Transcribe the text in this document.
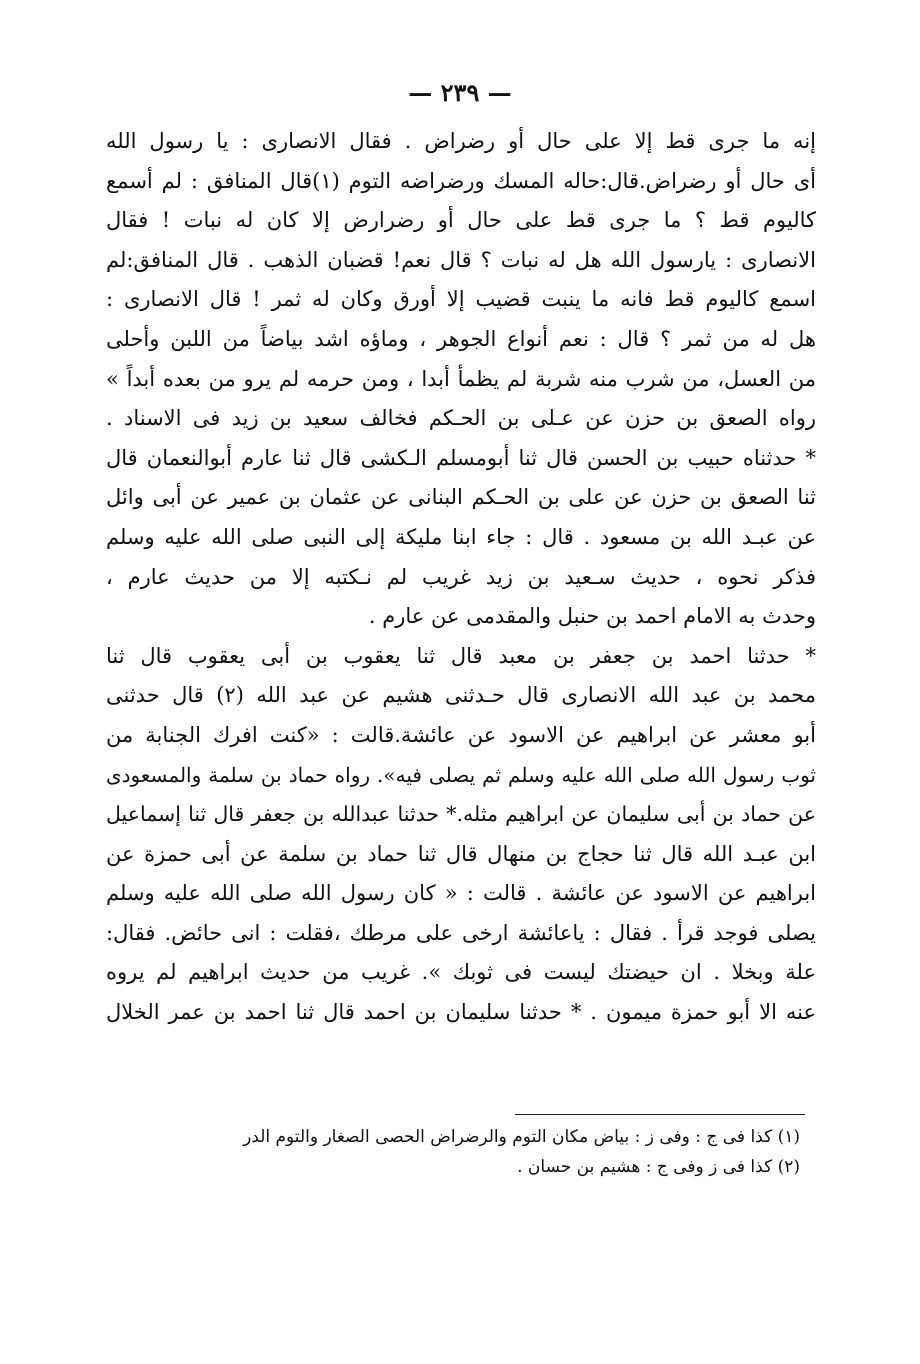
— ٢٣٩ —
إنه ما جرى قط إلا على حال أو رضراض . فقال الانصارى : يا رسول الله
أى حال أو رضراض.قال:حاله المسك ورضراضه التوم (١)قال المنافق : لم أسمع
كاليوم قط ؟ ما جرى قط على حال أو رضرارض إلا كان له نبات ! فقال
الانصارى : يارسول الله هل له نبات ؟ قال نعم! قضبان الذهب . قال المنافق:لم
اسمع كاليوم قط فانه ما ينبت قضيب إلا أورق وكان له ثمر ! قال الانصارى :
هل له من ثمر ؟ قال : نعم أنواع الجوهر ، وماؤه اشد بياضاً من اللبن وأحلى
من العسل، من شرب منه شربة لم يظمأ أبدا ، ومن حرمه لم يرو من بعده أبداً »
رواه الصعق بن حزن عن عـلى بن الحـكم فخالف سعيد بن زيد فى الاسناد .
* حدثناه حبيب بن الحسن قال ثنا أبومسلم الـكشى قال ثنا عارم أبوالنعمان قال
ثنا الصعق بن حزن عن على بن الحـكم البنانى عن عثمان بن عمير عن أبى وائل
عن عبـد الله بن مسعود . قال : جاء ابنا مليكة إلى النبى صلى الله عليه وسلم
فذكر نحوه ، حديث سـعيد بن زيد غريب لم نـكتبه إلا من حديث عارم ،
وحدث به الامام احمد بن حنبل والمقدمى عن عارم .
* حدثنا احمد بن جعفر بن معبد قال ثنا يعقوب بن أبى يعقوب قال ثنا
محمد بن عبد الله الانصارى قال حـدثنى هشيم عن عبد الله (٢) قال حدثنى
أبو معشر عن ابراهيم عن الاسود عن عائشة.قالت : «كنت افرك الجنابة من
ثوب رسول الله صلى الله عليه وسلم ثم يصلى فيه». رواه حماد بن سلمة والمسعودى
عن حماد بن أبى سليمان عن ابراهيم مثله.* حدثنا عبدالله بن جعفر قال ثنا إسماعيل
ابن عبـد الله قال ثنا حجاج بن منهال قال ثنا حماد بن سلمة عن أبى حمزة عن
ابراهيم عن الاسود عن عائشة . قالت : « كان رسول الله صلى الله عليه وسلم
يصلى فوجد قرأ . فقال : ياعائشة ارخى على مرطك ،فقلت : انى حائض. فقال:
علة وبخلا . ان حيضتك ليست فى ثوبك ». غريب من حديث ابراهيم لم يروه
عنه الا أبو حمزة ميمون . * حدثنا سليمان بن احمد قال ثنا احمد بن عمر الخلال
(١) كذا فى ج : وفى ز : بياض مكان التوم والرضراض الحصى الصغار والتوم الدر
(٢) كذا فى ز وفى ج : هشيم بن حسان .
